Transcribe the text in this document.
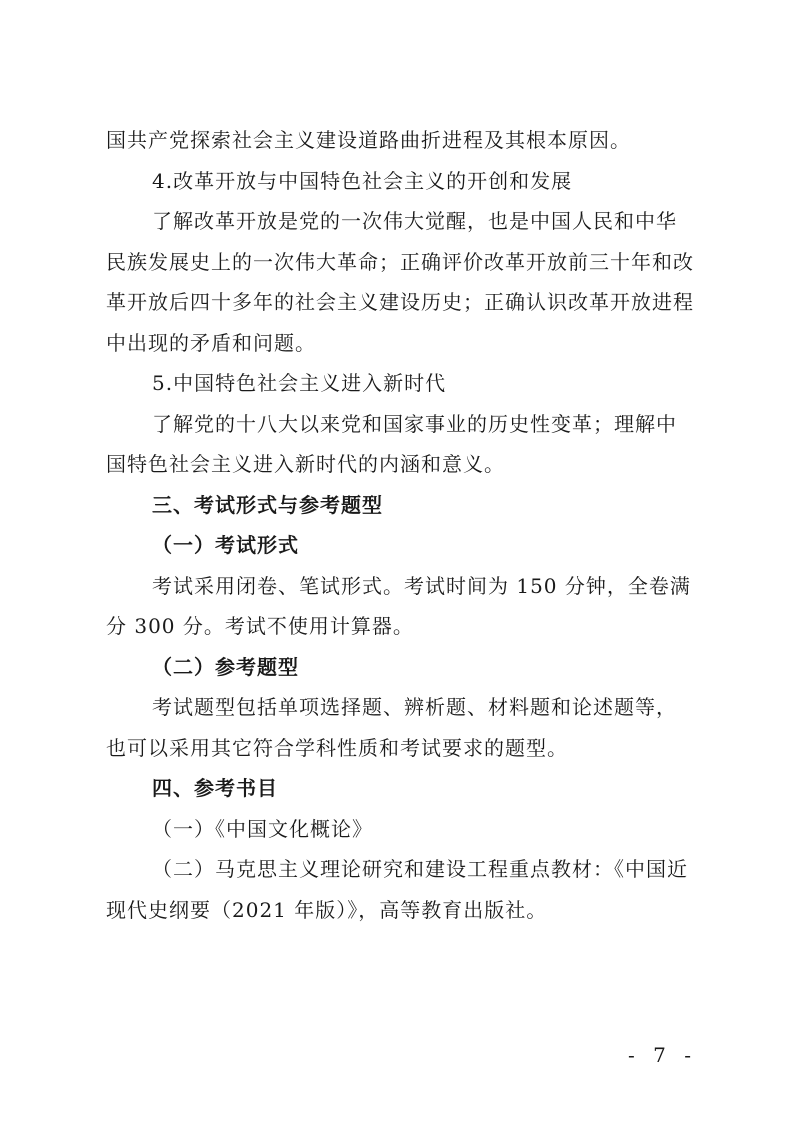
国共产党探索社会主义建设道路曲折进程及其根本原因。
4.改革开放与中国特色社会主义的开创和发展
了解改革开放是党的一次伟大觉醒，也是中国人民和中华
民族发展史上的一次伟大革命；正确评价改革开放前三十年和改
革开放后四十多年的社会主义建设历史；正确认识改革开放进程
中出现的矛盾和问题。
5.中国特色社会主义进入新时代
了解党的十八大以来党和国家事业的历史性变革；理解中
国特色社会主义进入新时代的内涵和意义。
三、考试形式与参考题型
（一）考试形式
考试采用闭卷、笔试形式。考试时间为 150 分钟，全卷满
分 300 分。考试不使用计算器。
（二）参考题型
考试题型包括单项选择题、辨析题、材料题和论述题等，
也可以采用其它符合学科性质和考试要求的题型。
四、参考书目
（一）《中国文化概论》
（二）马克思主义理论研究和建设工程重点教材：《中国近
现代史纲要（2021 年版）》，高等教育出版社。
- 7 -
